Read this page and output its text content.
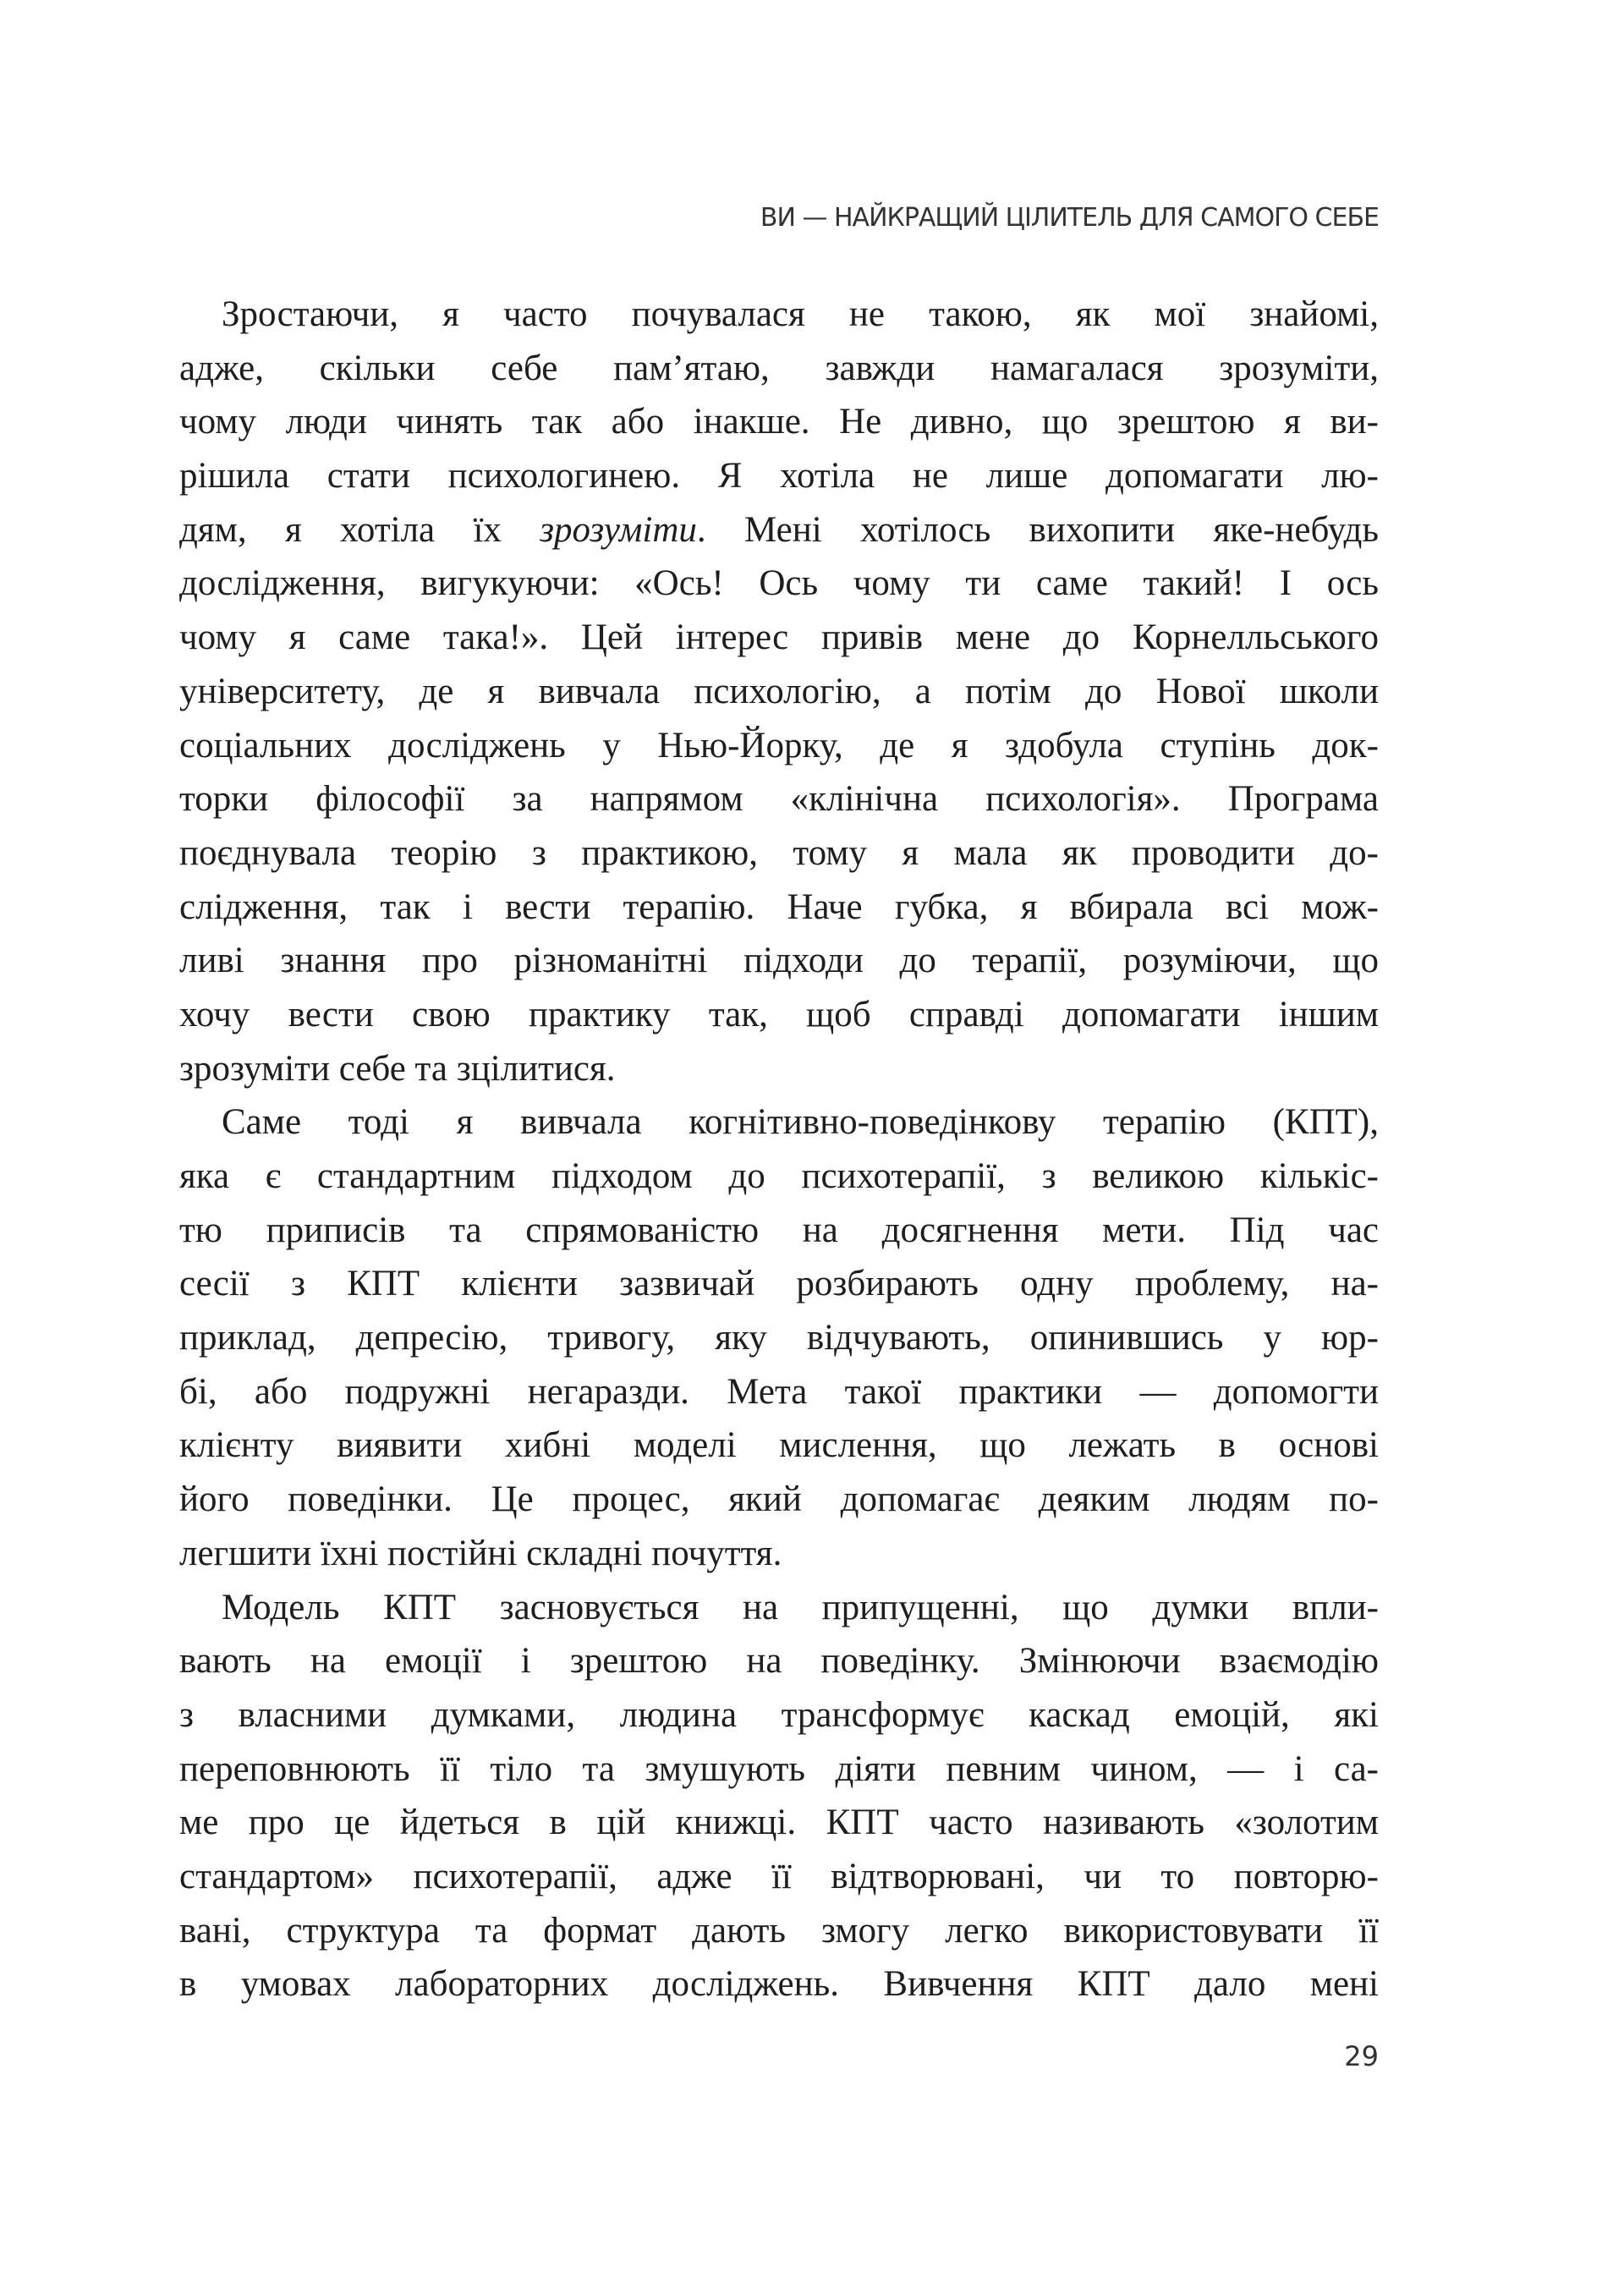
ВИ — НАЙКРАЩИЙ ЦІЛИТЕЛЬ ДЛЯ САМОГО СЕБЕ
Зростаючи, я часто почувалася не такою, як мої знайомі,
адже, скільки себе пам’ятаю, завжди намагалася зрозуміти,
чому люди чинять так або інакше. Не дивно, що зрештою я ви-
рішила стати психологинею. Я хотіла не лише допомагати лю-
дям, я хотіла їх зрозуміти. Мені хотілось вихопити яке-небудь
дослідження, вигукуючи: «Ось! Ось чому ти саме такий! І ось
чому я саме така!». Цей інтерес привів мене до Корнелльського
університету, де я вивчала психологію, а потім до Нової школи
соціальних досліджень у Нью-Йорку, де я здобула ступінь док-
торки філософії за напрямом «клінічна психологія». Програма
поєднувала теорію з практикою, тому я мала як проводити до-
слідження, так і вести терапію. Наче губка, я вбирала всі мож-
ливі знання про різноманітні підходи до терапії, розуміючи, що
хочу вести свою практику так, щоб справді допомагати іншим
зрозуміти себе та зцілитися.
Саме тоді я вивчала когнітивно-поведінкову терапію (КПТ),
яка є стандартним підходом до психотерапії, з великою кількіс-
тю приписів та спрямованістю на досягнення мети. Під час
сесії з КПТ клієнти зазвичай розбирають одну проблему, на-
приклад, депресію, тривогу, яку відчувають, опинившись у юр-
бі, або подружні негаразди. Мета такої практики — допомогти
клієнту виявити хибні моделі мислення, що лежать в основі
його поведінки. Це процес, який допомагає деяким людям по-
легшити їхні постійні складні почуття.
Модель КПТ засновується на припущенні, що думки впли-
вають на емоції і зрештою на поведінку. Змінюючи взаємодію
з власними думками, людина трансформує каскад емоцій, які
переповнюють її тіло та змушують діяти певним чином, — і са-
ме про це йдеться в цій книжці. КПТ часто називають «золотим
стандартом» психотерапії, адже її відтворювані, чи то повторю-
вані, структура та формат дають змогу легко використовувати її
в умовах лабораторних досліджень. Вивчення КПТ дало мені
29
